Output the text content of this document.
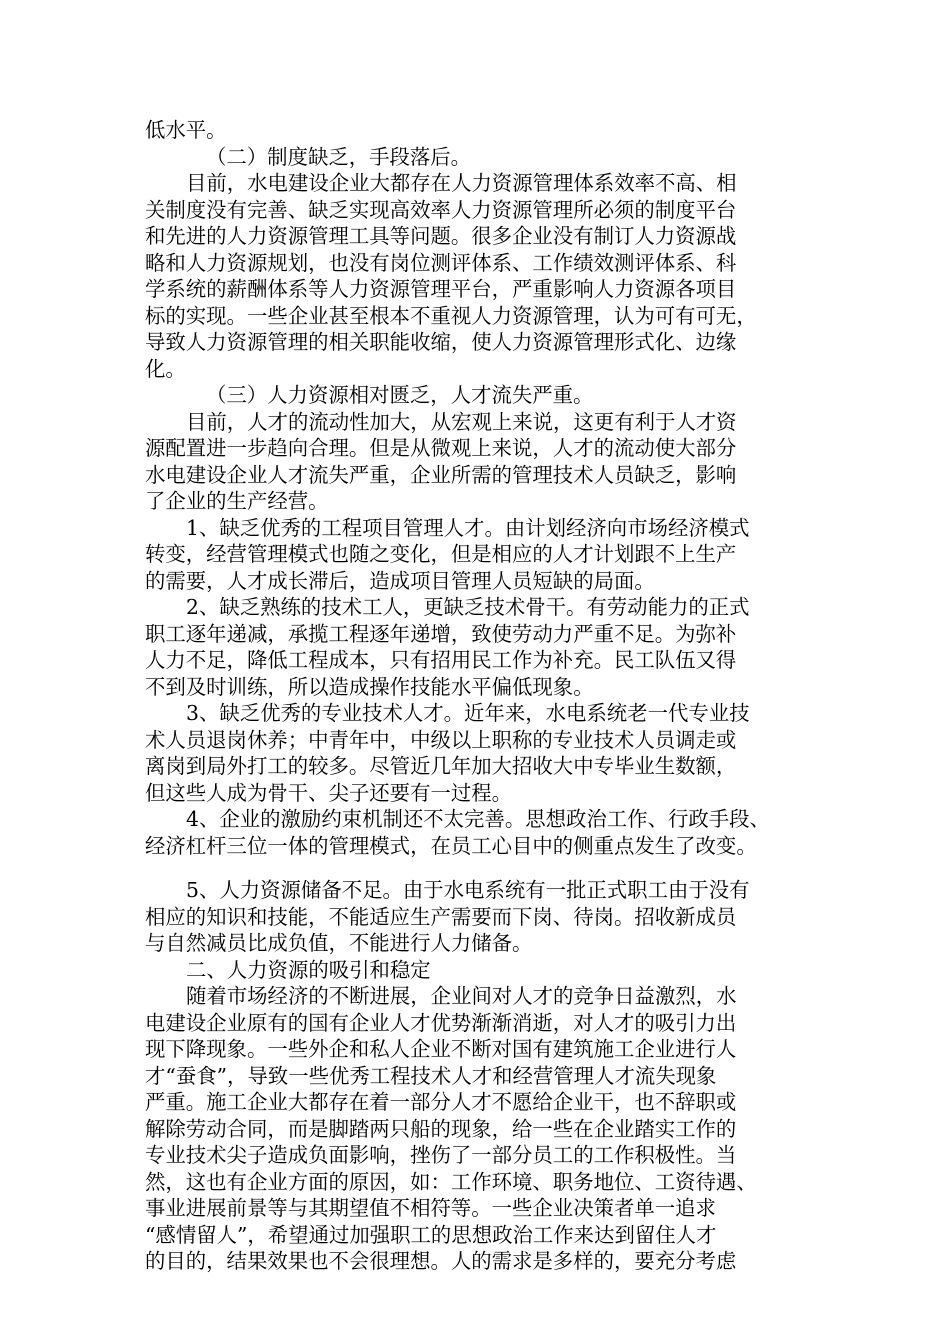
低水平。
（二）制度缺乏，手段落后。
目前，水电建设企业大都存在人力资源管理体系效率不高、相
关制度没有完善、缺乏实现高效率人力资源管理所必须的制度平台
和先进的人力资源管理工具等问题。很多企业没有制订人力资源战
略和人力资源规划，也没有岗位测评体系、工作绩效测评体系、科
学系统的薪酬体系等人力资源管理平台，严重影响人力资源各项目
标的实现。一些企业甚至根本不重视人力资源管理，认为可有可无，
导致人力资源管理的相关职能收缩，使人力资源管理形式化、边缘
化。
（三）人力资源相对匮乏，人才流失严重。
目前，人才的流动性加大，从宏观上来说，这更有利于人才资
源配置进一步趋向合理。但是从微观上来说，人才的流动使大部分
水电建设企业人才流失严重，企业所需的管理技术人员缺乏，影响
了企业的生产经营。
1、缺乏优秀的工程项目管理人才。由计划经济向市场经济模式
转变，经营管理模式也随之变化，但是相应的人才计划跟不上生产
的需要，人才成长滞后，造成项目管理人员短缺的局面。
2、缺乏熟练的技术工人，更缺乏技术骨干。有劳动能力的正式
职工逐年递减，承揽工程逐年递增，致使劳动力严重不足。为弥补
人力不足，降低工程成本，只有招用民工作为补充。民工队伍又得
不到及时训练，所以造成操作技能水平偏低现象。
3、缺乏优秀的专业技术人才。近年来，水电系统老一代专业技
术人员退岗休养；中青年中，中级以上职称的专业技术人员调走或
离岗到局外打工的较多。尽管近几年加大招收大中专毕业生数额，
但这些人成为骨干、尖子还要有一过程。
4、企业的激励约束机制还不太完善。思想政治工作、行政手段、
经济杠杆三位一体的管理模式，在员工心目中的侧重点发生了改变。
5、人力资源储备不足。由于水电系统有一批正式职工由于没有
相应的知识和技能，不能适应生产需要而下岗、待岗。招收新成员
与自然减员比成负值，不能进行人力储备。
二、人力资源的吸引和稳定
随着市场经济的不断进展，企业间对人才的竞争日益激烈，水
电建设企业原有的国有企业人才优势渐渐消逝，对人才的吸引力出
现下降现象。一些外企和私人企业不断对国有建筑施工企业进行人
才“蚕食”，导致一些优秀工程技术人才和经营管理人才流失现象
严重。施工企业大都存在着一部分人才不愿给企业干，也不辞职或
解除劳动合同，而是脚踏两只船的现象，给一些在企业踏实工作的
专业技术尖子造成负面影响，挫伤了一部分员工的工作积极性。当
然，这也有企业方面的原因，如：工作环境、职务地位、工资待遇、
事业进展前景等与其期望值不相符等。一些企业决策者单一追求
“感情留人”，希望通过加强职工的思想政治工作来达到留住人才
的目的，结果效果也不会很理想。人的需求是多样的，要充分考虑
